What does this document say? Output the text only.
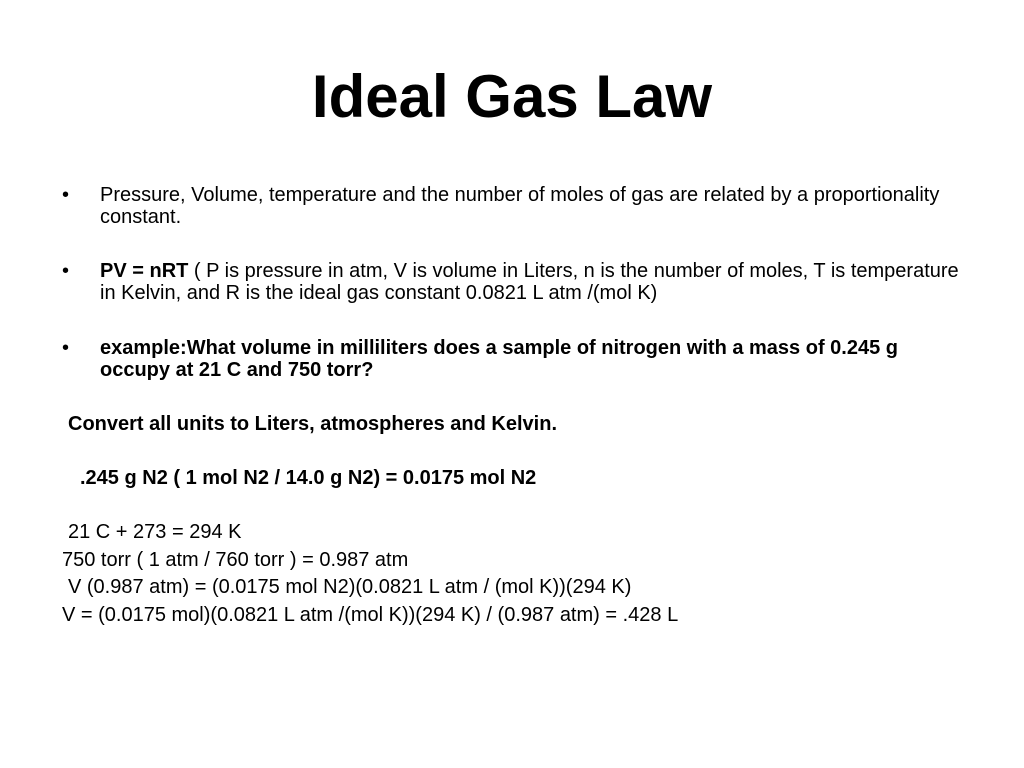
Ideal Gas Law
• Pressure, Volume, temperature and the number of moles of gas are related by a proportionality constant.
• PV = nRT ( P is pressure in atm, V is volume in Liters, n is the number of moles, T is temperature in Kelvin, and R is the ideal gas constant 0.0821 L atm /(mol K)
• example:What volume in milliliters does a sample of nitrogen with a mass of 0.245 g occupy at 21 C and 750 torr?
Convert all units to Liters, atmospheres and Kelvin.
.245 g N2 ( 1 mol N2 / 14.0 g N2) = 0.0175 mol N2
21 C + 273 = 294 K
750 torr ( 1 atm / 760 torr ) = 0.987 atm
V (0.987 atm) = (0.0175 mol N2)(0.0821 L atm / (mol K))(294 K)
V = (0.0175 mol)(0.0821 L atm /(mol K))(294 K) / (0.987 atm) = .428 L
